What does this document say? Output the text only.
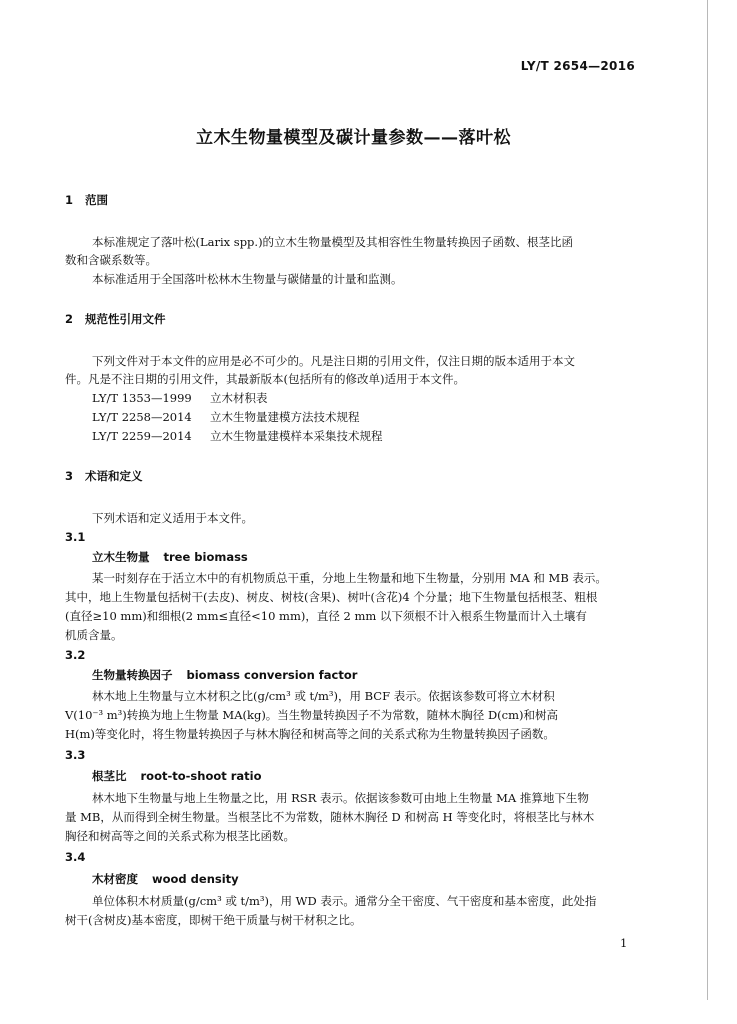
LY/T 2654—2016
立木生物量模型及碳计量参数——落叶松
1 范围
本标准规定了落叶松(Larix spp.)的立木生物量模型及其相容性生物量转换因子函数、根茎比函
数和含碳系数等。
本标准适用于全国落叶松林木生物量与碳储量的计量和监测。
2 规范性引用文件
下列文件对于本文件的应用是必不可少的。凡是注日期的引用文件，仅注日期的版本适用于本文
件。凡是不注日期的引用文件，其最新版本(包括所有的修改单)适用于本文件。
LY/T 1353—1999 立木材积表
LY/T 2258—2014 立木生物量建模方法技术规程
LY/T 2259—2014 立木生物量建模样本采集技术规程
3 术语和定义
下列术语和定义适用于本文件。
3.1
立木生物量 tree biomass
某一时刻存在于活立木中的有机物质总干重，分地上生物量和地下生物量，分别用 MA 和 MB 表示。
其中，地上生物量包括树干(去皮)、树皮、树枝(含果)、树叶(含花)4 个分量；地下生物量包括根茎、粗根
(直径≥10 mm)和细根(2 mm≤直径<10 mm)，直径 2 mm 以下须根不计入根系生物量而计入土壤有
机质含量。
3.2
生物量转换因子 biomass conversion factor
林木地上生物量与立木材积之比(g/cm³ 或 t/m³)，用 BCF 表示。依据该参数可将立木材积
V(10⁻³ m³)转换为地上生物量 MA(kg)。当生物量转换因子不为常数，随林木胸径 D(cm)和树高
H(m)等变化时，将生物量转换因子与林木胸径和树高等之间的关系式称为生物量转换因子函数。
3.3
根茎比 root-to-shoot ratio
林木地下生物量与地上生物量之比，用 RSR 表示。依据该参数可由地上生物量 MA 推算地下生物
量 MB，从而得到全树生物量。当根茎比不为常数，随林木胸径 D 和树高 H 等变化时，将根茎比与林木
胸径和树高等之间的关系式称为根茎比函数。
3.4
木材密度 wood density
单位体积木材质量(g/cm³ 或 t/m³)，用 WD 表示。通常分全干密度、气干密度和基本密度，此处指
树干(含树皮)基本密度，即树干绝干质量与树干材积之比。
1
